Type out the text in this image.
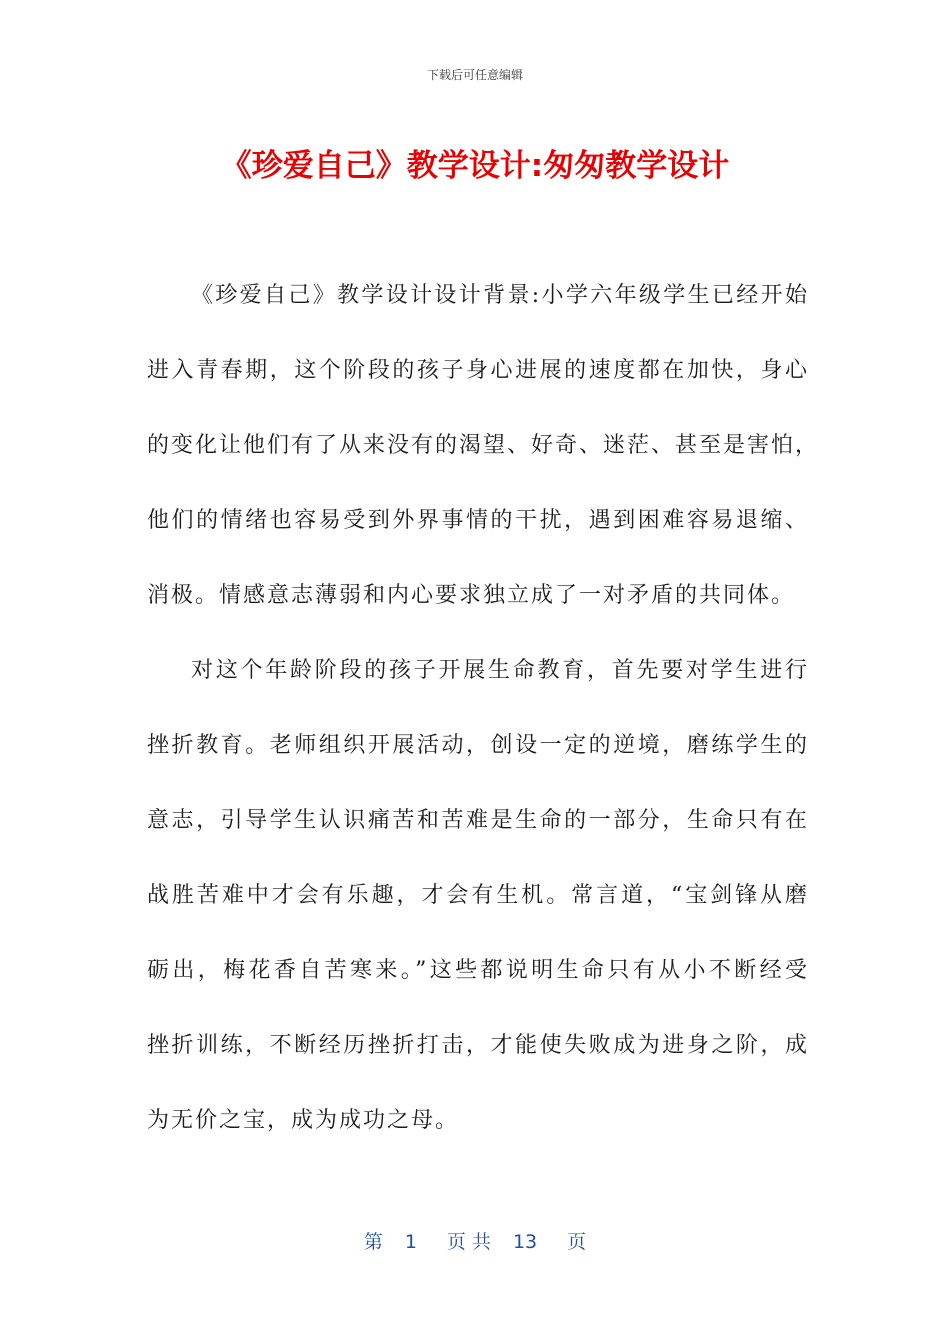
下载后可任意编辑
《珍爱自己》教学设计:匆匆教学设计
《珍爱自己》教学设计设计背景:小学六年级学生已经开始
进入青春期，这个阶段的孩子身心进展的速度都在加快，身心
的变化让他们有了从来没有的渴望、好奇、迷茫、甚至是害怕，
他们的情绪也容易受到外界事情的干扰，遇到困难容易退缩、
消极。情感意志薄弱和内心要求独立成了一对矛盾的共同体。
对这个年龄阶段的孩子开展生命教育，首先要对学生进行
挫折教育。老师组织开展活动，创设一定的逆境，磨练学生的
意志，引导学生认识痛苦和苦难是生命的一部分，生命只有在
战胜苦难中才会有乐趣，才会有生机。常言道，“宝剑锋从磨
砺出，梅花香自苦寒来。”这些都说明生命只有从小不断经受
挫折训练，不断经历挫折打击，才能使失败成为进身之阶，成
为无价之宝，成为成功之母。
第 1 页 共 13 页
